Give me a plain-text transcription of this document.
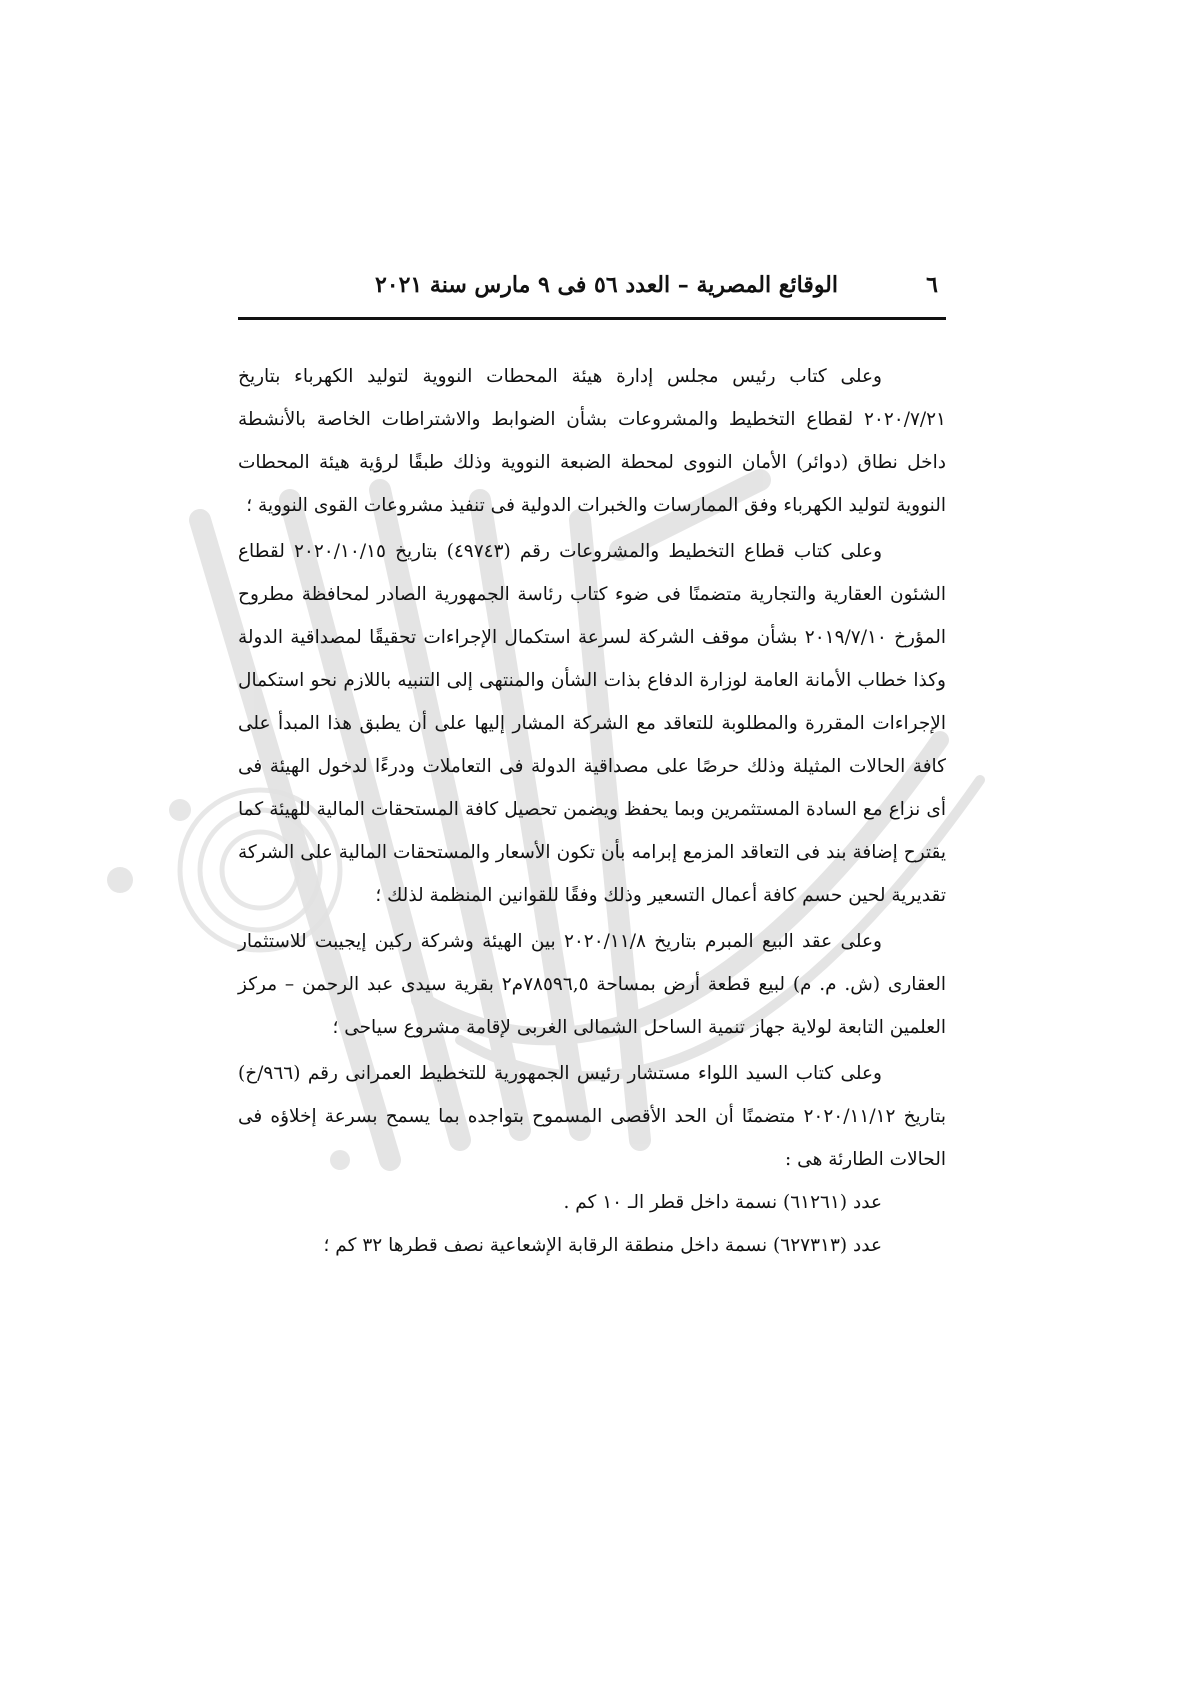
٦
الوقائع المصرية – العدد ٥٦ فى ٩ مارس سنة ٢٠٢١

وعلى كتاب رئيس مجلس إدارة هيئة المحطات النووية لتوليد الكهرباء بتاريخ ٢٠٢٠/٧/٢١ لقطاع التخطيط والمشروعات بشأن الضوابط والاشتراطات الخاصة بالأنشطة داخل نطاق (دوائر) الأمان النووى لمحطة الضبعة النووية وذلك طبقًا لرؤية هيئة المحطات النووية لتوليد الكهرباء وفق الممارسات والخبرات الدولية فى تنفيذ مشروعات القوى النووية ؛

وعلى كتاب قطاع التخطيط والمشروعات رقم (٤٩٧٤٣) بتاريخ ٢٠٢٠/١٠/١٥ لقطاع الشئون العقارية والتجارية متضمنًا فى ضوء كتاب رئاسة الجمهورية الصادر لمحافظة مطروح المؤرخ ٢٠١٩/٧/١٠ بشأن موقف الشركة لسرعة استكمال الإجراءات تحقيقًا لمصداقية الدولة وكذا خطاب الأمانة العامة لوزارة الدفاع بذات الشأن والمنتهى إلى التنبيه باللازم نحو استكمال الإجراءات المقررة والمطلوبة للتعاقد مع الشركة المشار إليها على أن يطبق هذا المبدأ على كافة الحالات المثيلة وذلك حرصًا على مصداقية الدولة فى التعاملات ودرءًا لدخول الهيئة فى أى نزاع مع السادة المستثمرين وبما يحفظ ويضمن تحصيل كافة المستحقات المالية للهيئة كما يقترح إضافة بند فى التعاقد المزمع إبرامه بأن تكون الأسعار والمستحقات المالية على الشركة تقديرية لحين حسم كافة أعمال التسعير وذلك وفقًا للقوانين المنظمة لذلك ؛

وعلى عقد البيع المبرم بتاريخ ٢٠٢٠/١١/٨ بين الهيئة وشركة ركين إيجيبت للاستثمار العقارى (ش. م. م) لبيع قطعة أرض بمساحة ٧٨٥٩٦,٥م٢ بقرية سيدى عبد الرحمن – مركز العلمين التابعة لولاية جهاز تنمية الساحل الشمالى الغربى لإقامة مشروع سياحى ؛

وعلى كتاب السيد اللواء مستشار رئيس الجمهورية للتخطيط العمرانى رقم (٩٦٦/خ) بتاريخ ٢٠٢٠/١١/١٢ متضمنًا أن الحد الأقصى المسموح بتواجده بما يسمح بسرعة إخلاؤه فى الحالات الطارئة هى :

عدد (٦١٢٦١) نسمة داخل قطر الـ ١٠ كم .
عدد (٦٢٧٣١٣) نسمة داخل منطقة الرقابة الإشعاعية نصف قطرها ٣٢ كم ؛
